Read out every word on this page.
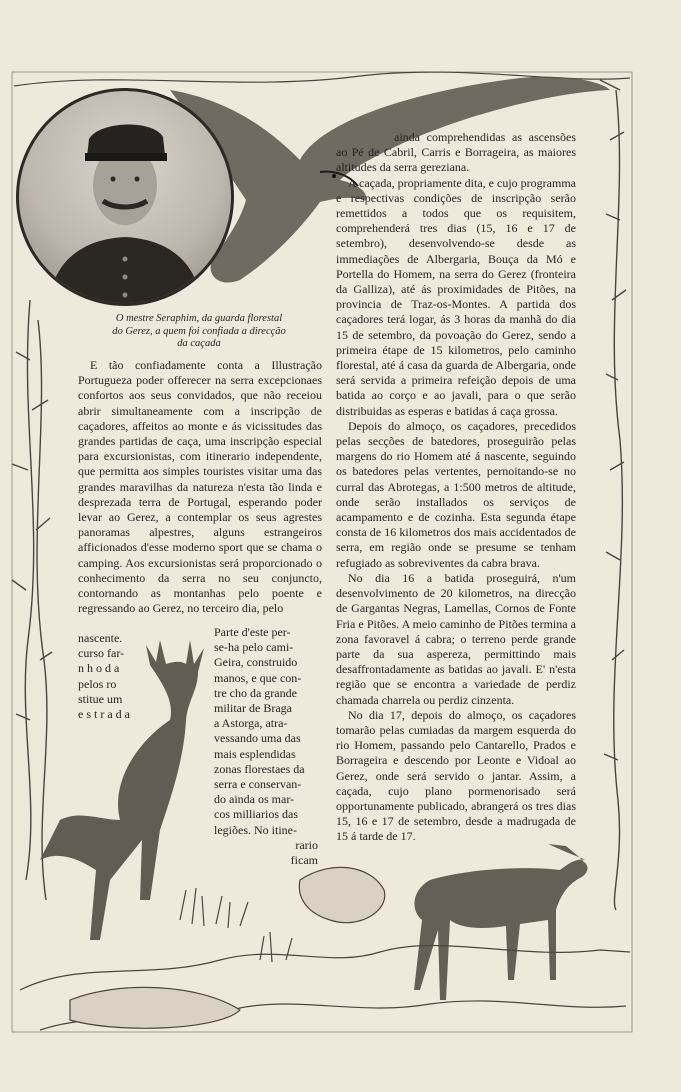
O mestre Seraphim, da guarda florestal
do Gerez, a quem foi confiada a direcção
da caçada

ainda comprehendidas as ascensões ao Pé de Cabril, Carris e Borrageira, as maiores altitudes da serra gereziana.

A caçada, propriamente dita, e cujo programma e respectivas condições de inscripção serão remettidos a todos que os requisitem, comprehenderá tres dias (15, 16 e 17 de setembro), desenvolvendo-se desde as immediações de Albergaria, Bouça da Mó e Portella do Homem, na serra do Gerez (fronteira da Galliza), até ás proximidades de Pitões, na provincia de Traz-os-Montes. A partida dos caçadores terá logar, ás 3 horas da manhã do dia 15 de setembro, da povoação do Gerez, sendo a primeira étape de 15 kilometros, pelo caminho florestal, até á casa da guarda de Albergaria, onde será servida a primeira refeição depois de uma batida ao corço e ao javali, para o que serão distribuidas as esperas e batidas á caça grossa.

Depois do almoço, os caçadores, precedidos pelas secções de batedores, proseguirão pelas margens do rio Homem até á nascente, seguindo os batedores pelas vertentes, pernoitando-se no curral das Abrotegas, a 1:500 metros de altitude, onde serão installados os serviços de acampamento e de cozinha. Esta segunda étape consta de 16 kilometros dos mais accidentados de serra, em região onde se presume se tenham refugiado as sobreviventes da cabra brava.

No dia 16 a batida proseguirá, n'um desenvolvimento de 20 kilometros, na direcção de Gargantas Negras, Lamellas, Cornos de Fonte Fria e Pitões. A meio caminho de Pitões termina a zona favoravel á cabra; o terreno perde grande parte da sua aspereza, permittindo mais desaffrontadamente as batidas ao javali. E' n'esta região que se encontra a variedade de perdiz chamada charrela ou perdiz cinzenta.

No dia 17, depois do almoço, os caçadores tomarão pelas cumiadas da margem esquerda do rio Homem, passando pelo Cantarello, Prados e Borrageira e descendo por Leonte e Vidoal ao Gerez, onde será servido o jantar. Assim, a caçada, cujo plano pormenorisado será opportunamente publicado, abrangerá os tres dias 15, 16 e 17 de setembro, desde a madrugada de 15 á tarde de 17.

E tão confiadamente conta a Illustração Portugueza poder offerecer na serra excepcionaes confortos aos seus convidados, que não receiou abrir simultaneamente com a inscripção de caçadores, affeitos ao monte e ás vicissitudes das grandes partidas de caça, uma inscripção especial para excursionistas, com itinerario independente, que permitta aos simples touristes visitar uma das grandes maravilhas da natureza n'esta tão linda e desprezada terra de Portugal, esperando poder levar ao Gerez, a contemplar os seus agrestes panoramas alpestres, alguns estrangeiros afficionados d'esse moderno sport que se chama o camping. Aos excursionistas será proporcionado o conhecimento da serra no seu conjuncto, contornando as montanhas pelo poente e regressando ao Gerez, no terceiro dia, pelo

nascente.
curso far-
n h o d a
pelos ro
stitue um
e s t r a d a
Parte d'este per-
se-ha pelo cami-
Geira, construido
manos, e que con-
tre cho da grande
militar de Braga
a Astorga, atra-
vessando uma das
mais esplendidas
zonas florestaes da
serra e conservan-
do ainda os mar-
cos milliarios das
legiões. No itine-
rario
ficam
